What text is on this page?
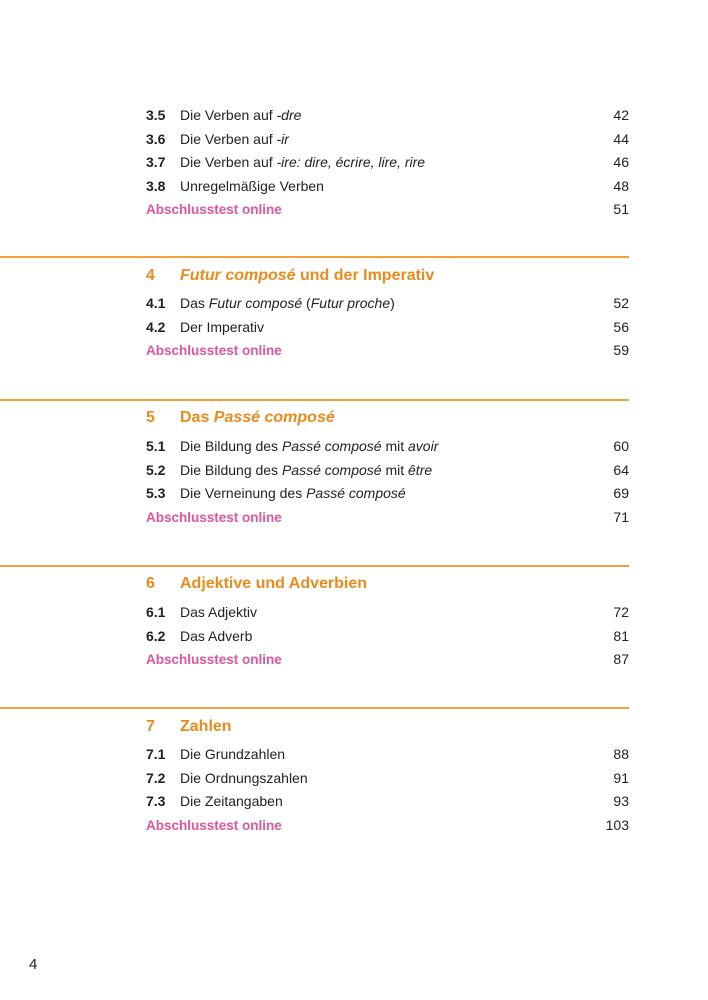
3.5 Die Verben auf -dre	42
3.6 Die Verben auf -ir	44
3.7 Die Verben auf -ire: dire, écrire, lire, rire	46
3.8 Unregelmäßige Verben	48
Abschlusstest online	51
4 Futur composé und der Imperativ
4.1 Das Futur composé (Futur proche)	52
4.2 Der Imperativ	56
Abschlusstest online	59
5 Das Passé composé
5.1 Die Bildung des Passé composé mit avoir	60
5.2 Die Bildung des Passé composé mit être	64
5.3 Die Verneinung des Passé composé	69
Abschlusstest online	71
6 Adjektive und Adverbien
6.1 Das Adjektiv	72
6.2 Das Adverb	81
Abschlusstest online	87
7 Zahlen
7.1 Die Grundzahlen	88
7.2 Die Ordnungszahlen	91
7.3 Die Zeitangaben	93
Abschlusstest online	103
4
